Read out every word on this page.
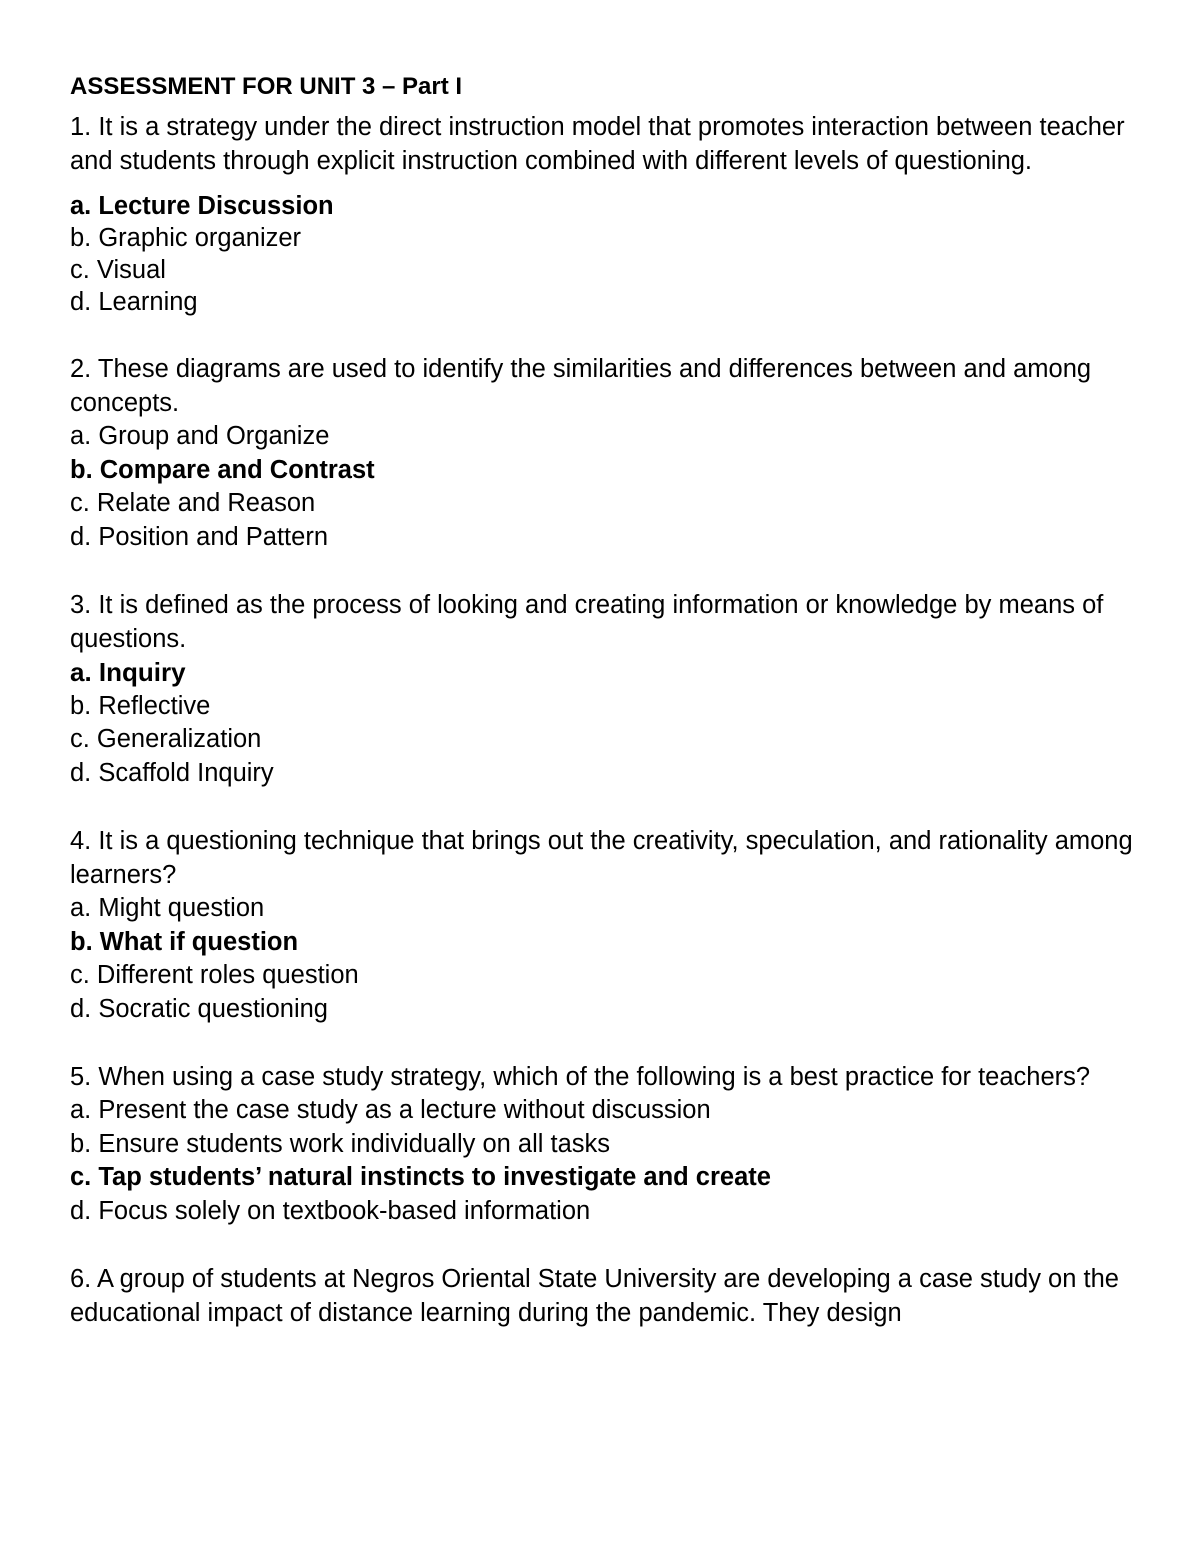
ASSESSMENT FOR UNIT 3 – Part I

1. It is a strategy under the direct instruction model that promotes interaction between teacher and students through explicit instruction combined with different levels of questioning.

a. Lecture Discussion
b. Graphic organizer
c. Visual
d. Learning

2. These diagrams are used to identify the similarities and differences between and among concepts.

a. Group and Organize
b. Compare and Contrast
c. Relate and Reason
d. Position and Pattern

3. It is defined as the process of looking and creating information or knowledge by means of questions.

a. Inquiry
b. Reflective
c. Generalization
d. Scaffold Inquiry

4. It is a questioning technique that brings out the creativity, speculation, and rationality among learners?

a. Might question
b. What if question
c. Different roles question
d. Socratic questioning

5. When using a case study strategy, which of the following is a best practice for teachers?

a. Present the case study as a lecture without discussion
b. Ensure students work individually on all tasks
c. Tap students’ natural instincts to investigate and create
d. Focus solely on textbook-based information

6. A group of students at Negros Oriental State University are developing a case study on the educational impact of distance learning during the pandemic. They design
